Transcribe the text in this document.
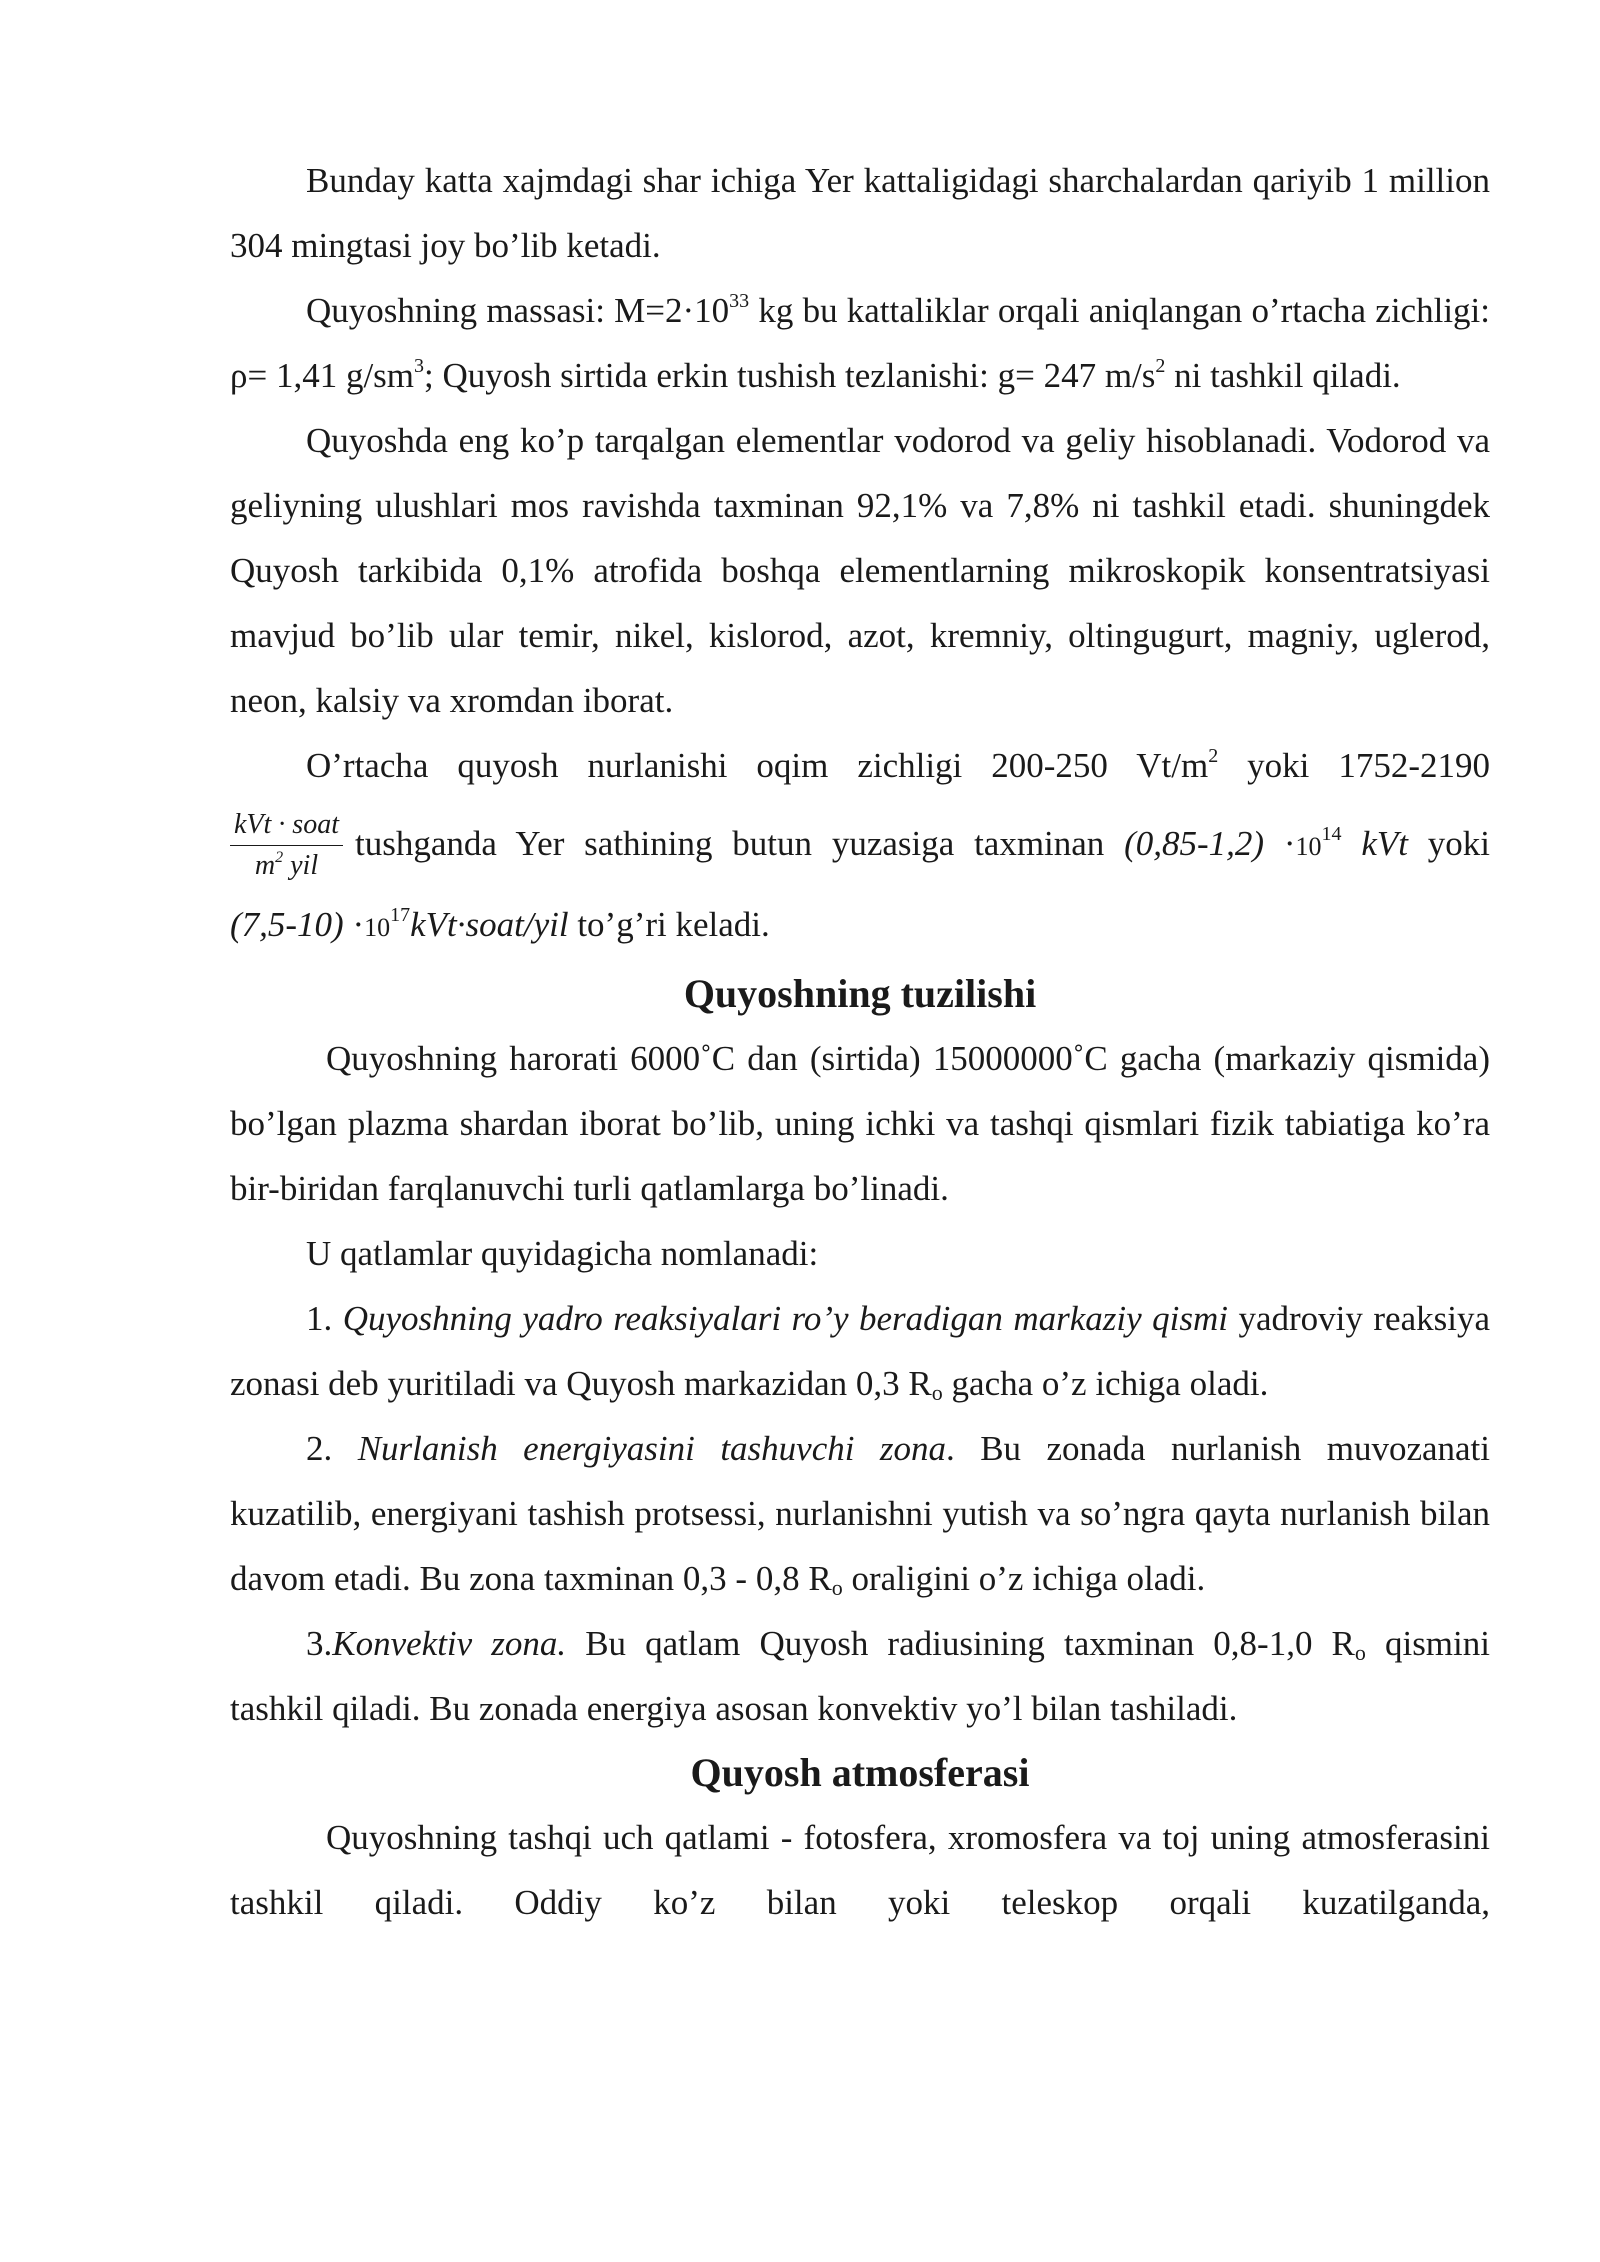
Bunday katta xajmdagi shar ichiga Yer kattaligidagi sharchalardan qariyib 1 million 304 mingtasi joy bo’lib ketadi.

Quyoshning massasi: $M=2\cdot 10^{33}$ kg bu kattaliklar orqali aniqlangan o’rtacha zichligi: ρ= 1,41 $g/sm^3$; Quyosh sirtida erkin tushish tezlanishi: g= 247 $m/s^2$ ni tashkil qiladi.

Quyoshda eng ko’p tarqalgan elementlar vodorod va geliy hisoblanadi. Vodorod va geliyning ulushlari mos ravishda taxminan 92,1% va 7,8% ni tashkil etadi. shuningdek Quyosh tarkibida 0,1% atrofida boshqa elementlarning mikroskopik konsentratsiyasi mavjud bo’lib ular temir, nikel, kislorod, azot, kremniy, oltingugurt, magniy, uglerod, neon, kalsiy va xromdan iborat.

O’rtacha quyosh nurlanishi oqim zichligi 200-250 $Vt/m^2$ yoki 1752-2190

$\frac{\text{kVt · soat}}{m^2 yil}$ tushganda Yer sathining butun yuzasiga taxminan $(0,85-1,2) \cdot 10^{14}$ kVt yoki

$(7,5-10) \cdot 10^{17}kVt\cdot soat$/yil to’g’ri keladi.

Quyoshning tuzilishi

Quyoshning harorati 6000˚C dan (sirtida) 15000000˚C gacha (markaziy qismida) bo’lgan plazma shardan iborat bo’lib, uning ichki va tashqi qismlari fizik tabiatiga ko’ra bir-biridan farqlanuvchi turli qatlamlarga bo’linadi.

U qatlamlar quyidagicha nomlanadi:

1. Quyoshning yadro reaksiyalari ro’y beradigan markaziy qismi yadroviy reaksiya zonasi deb yuritiladi va Quyosh markazidan 0,3 $R_o$ gacha o’z ichiga oladi.

2. Nurlanish energiyasini tashuvchi zona. Bu zonada nurlanish muvozanati kuzatilib, energiyani tashish protsessi, nurlanishni yutish va so’ngra qayta nurlanish bilan davom etadi. Bu zona taxminan 0,3 - 0,8 $R_o$ oraligini o’z ichiga oladi.

3.Konvektiv zona. Bu qatlam Quyosh radiusining taxminan 0,8-1,0 $R_o$ qismini tashkil qiladi. Bu zonada energiya asosan konvektiv yo’l bilan tashiladi.

Quyosh atmosferasi

Quyoshning tashqi uch qatlami - fotosfera, xromosfera va toj uning atmosferasini tashkil qiladi. Oddiy ko’z bilan yoki teleskop orqali kuzatilganda,
